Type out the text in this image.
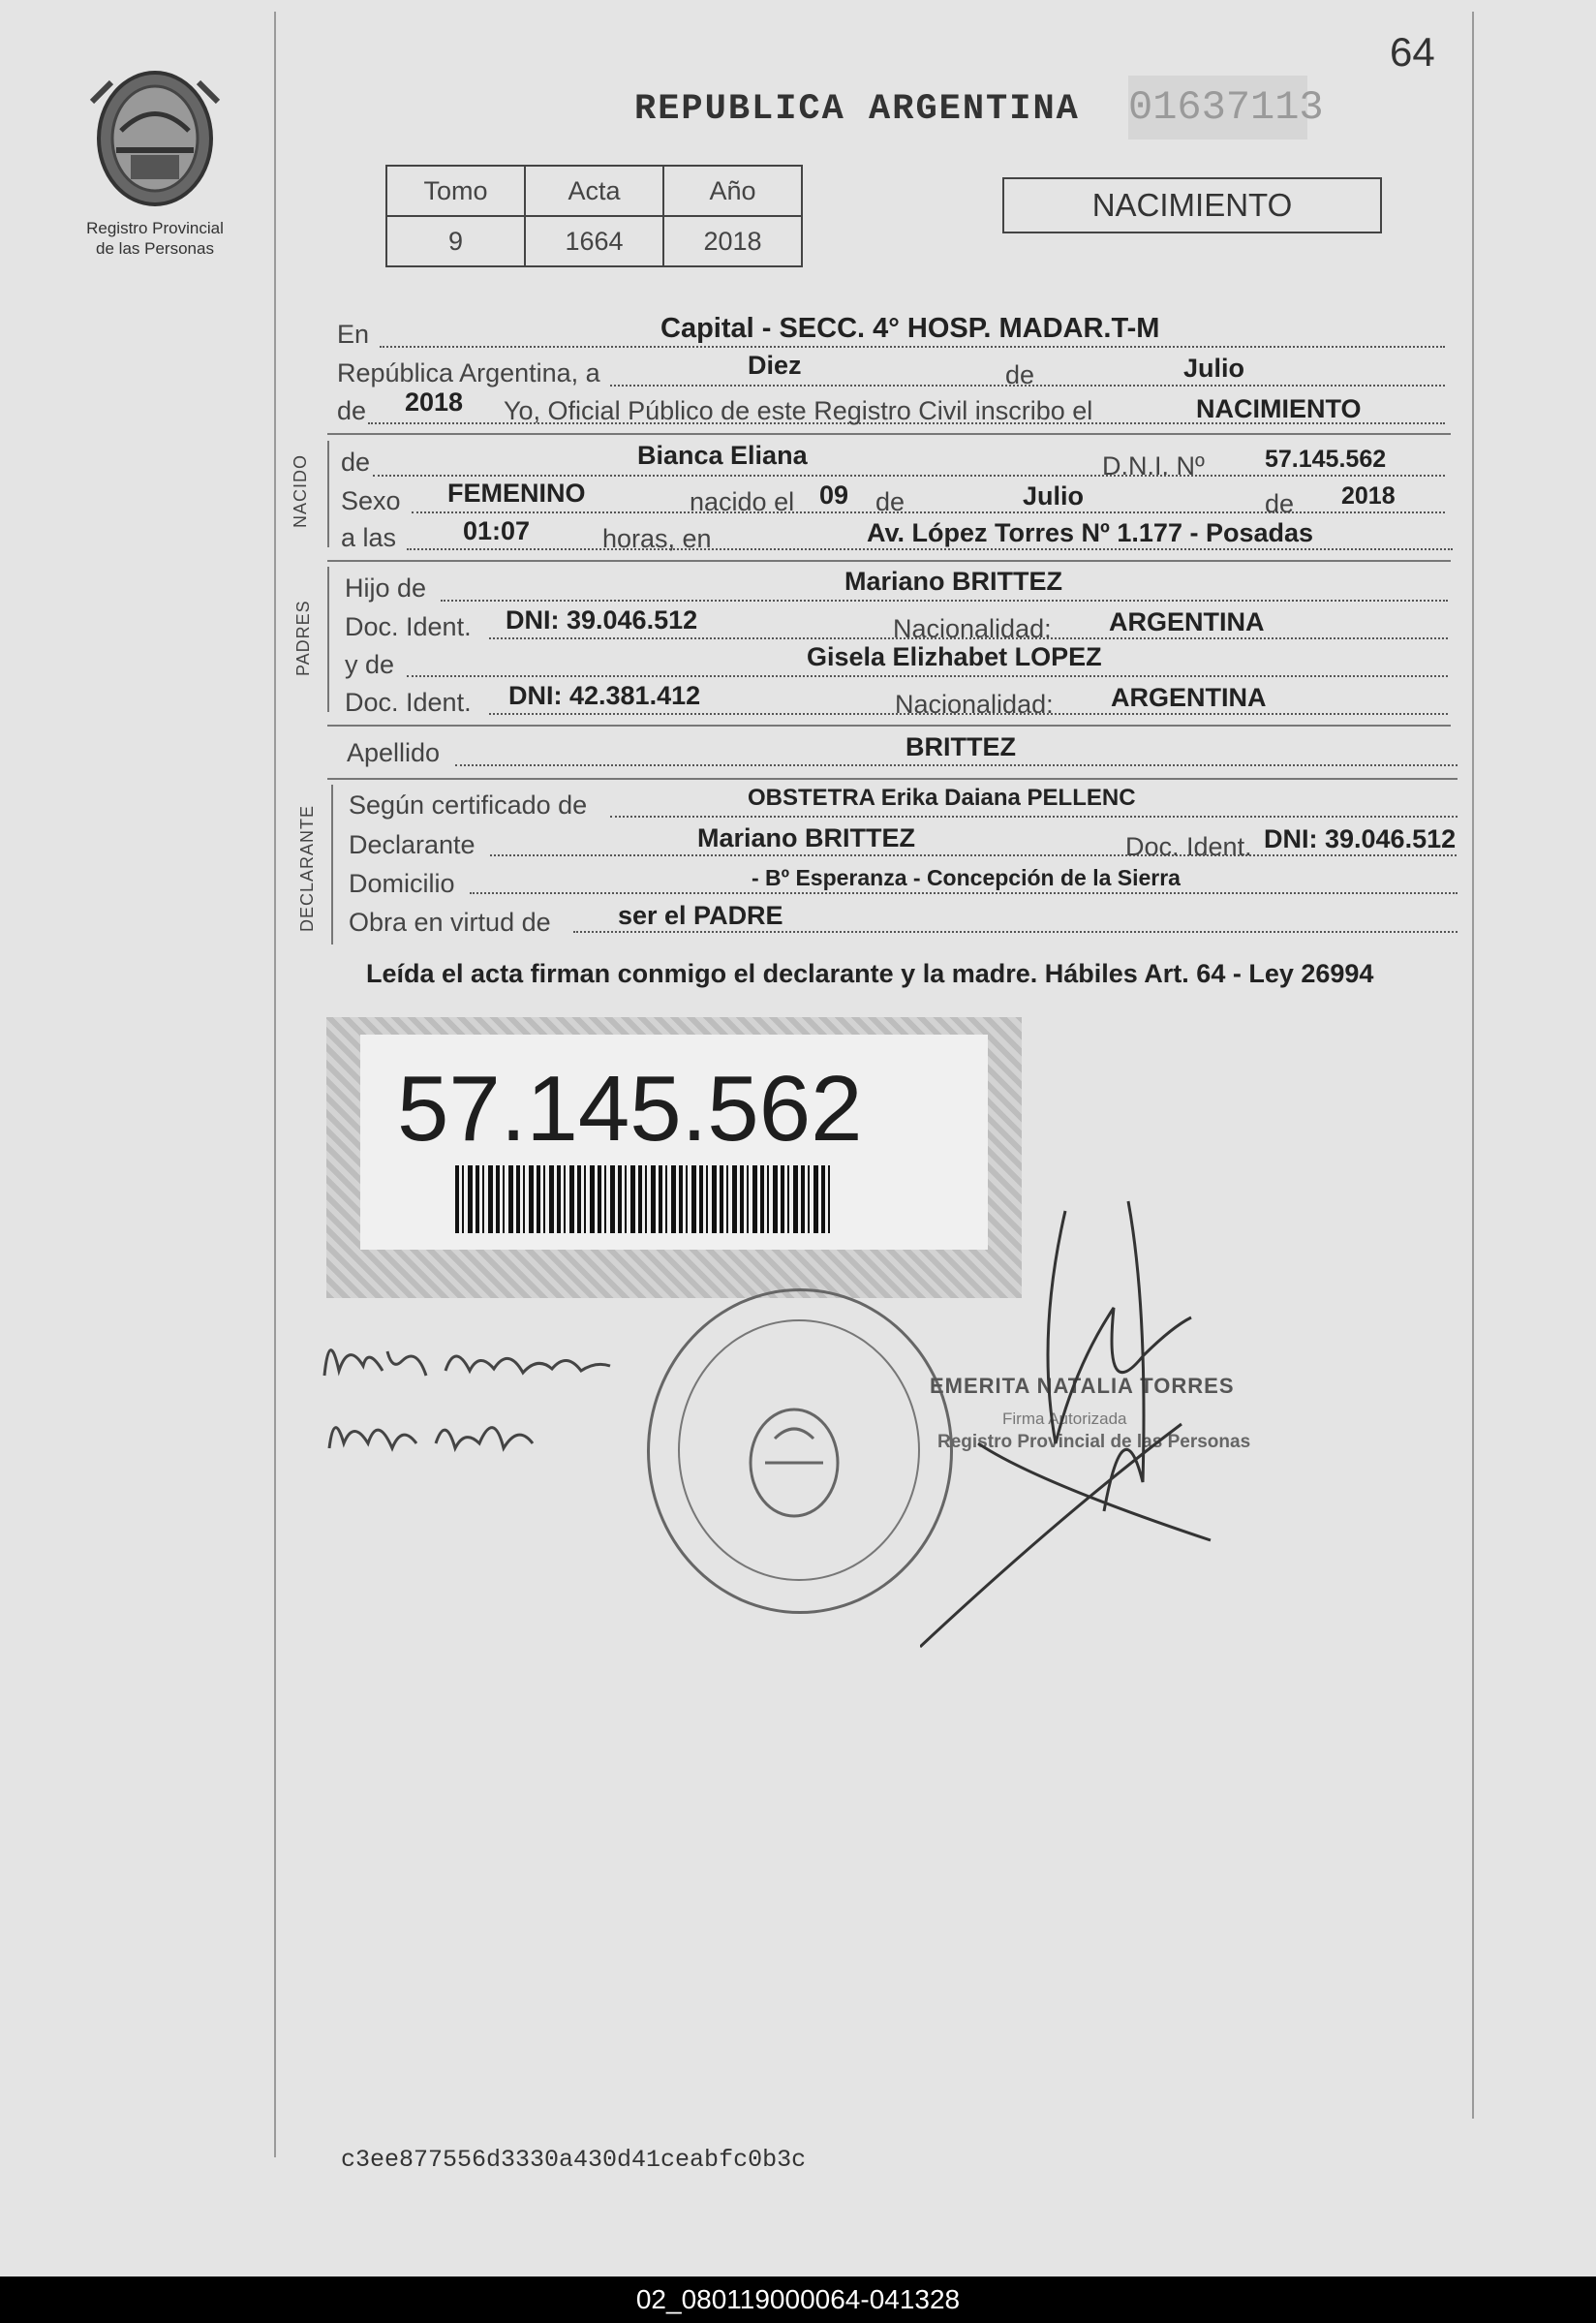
Registro Provincial
de las Personas
REPUBLICA ARGENTINA 01637113
64
Tomo	Acta	Año
9	1664	2018
NACIMIENTO
En	Capital - SECC. 4° HOSP. MADAR.T-M
República Argentina, a	Diez	de	Julio
de 2018 Yo, Oficial Público de este Registro Civil inscribo el	NACIMIENTO
NACIDO de	Bianca Eliana	D.N.I. Nº 57.145.562
Sexo FEMENINO	nacido el 09 de	Julio	de 2018
a las	01:07	horas, en	Av. López Torres Nº 1.177 - Posadas
PADRES
Hijo de	Mariano BRITTEZ
Doc. Ident. DNI: 39.046.512	Nacionalidad: ARGENTINA
y de	Gisela Elizhabet LOPEZ
Doc. Ident. DNI: 42.381.412	Nacionalidad: ARGENTINA
Apellido	BRITTEZ
DECLARANTE Según certificado de	OBSTETRA Erika Daiana PELLENC
Declarante	Mariano BRITTEZ	Doc. Ident. DNI: 39.046.512
Domicilio	- Bº Esperanza - Concepción de la Sierra
Obra en virtud de	ser el PADRE
Leída el acta firman conmigo el declarante y la madre. Hábiles Art. 64 - Ley 26994
57.145.562
EMERITA NATALIA TORRES
Firma Autorizada
Registro Provincial de las Personas
c3ee877556d3330a430d41ceabfc0b3c
02_080119000064-041328
